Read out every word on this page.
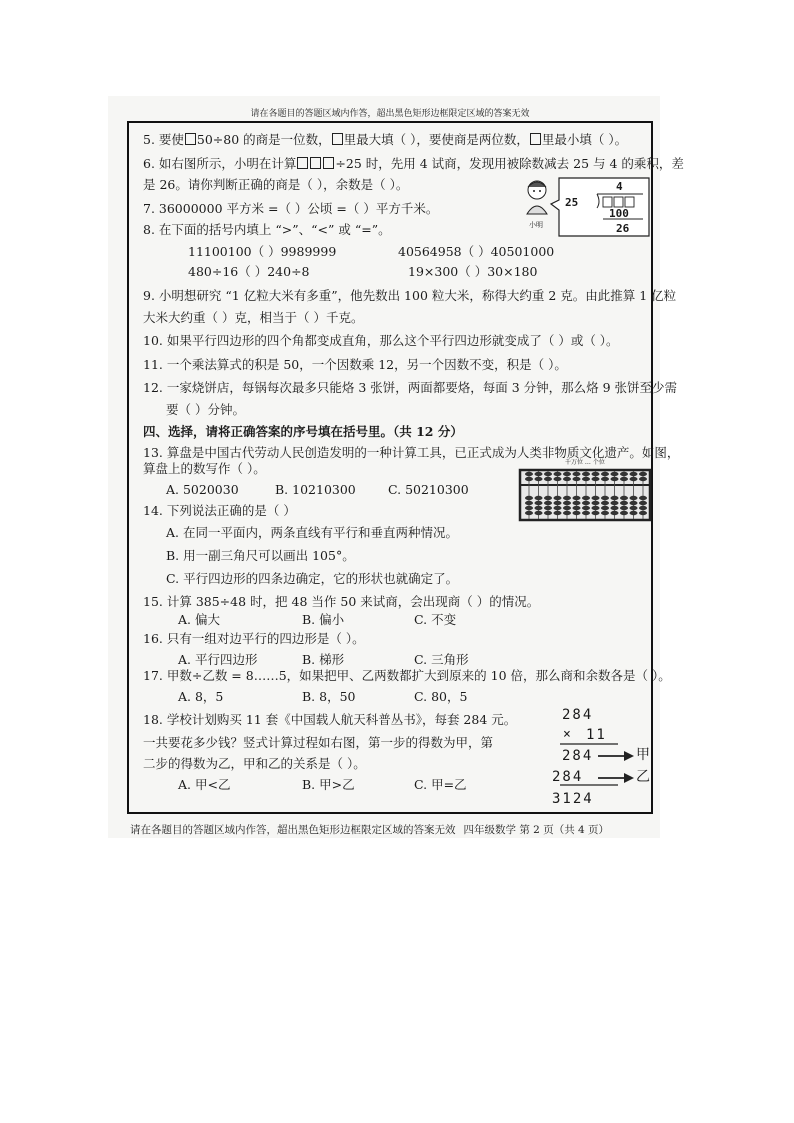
请在各题目的答题区域内作答，超出黑色矩形边框限定区域的答案无效
5. 要使 50÷80 的商是一位数， 里最大填（ ），要使商是两位数， 里最小填（ ）。
6. 如右图所示，小明在计算	÷25 时，先用 4 试商，发现用被除数减去 25 与 4 的乘积，差
是 26。请你判断正确的商是（ ），余数是（ ）。	4
25
100
26
小明
7. 36000000 平方米 =（ ）公顷 =（ ）平方千米。
8. 在下面的括号内填上 “>”、“<” 或 “=”。
11100100（ ）9989999	40564958（ ）40501000
480÷16（ ）240÷8	19×300（ ）30×180
9. 小明想研究 “1 亿粒大米有多重”，他先数出 100 粒大米，称得大约重 2 克。由此推算 1 亿粒
大米大约重（ ）克，相当于（ ）千克。
10. 如果平行四边形的四个角都变成直角，那么这个平行四边形就变成了（ ）或（ ）。
11. 一个乘法算式的积是 50，一个因数乘 12，另一个因数不变，积是（ ）。
12. 一家烧饼店，每锅每次最多只能烙 3 张饼，两面都要烙，每面 3 分钟，那么烙 9 张饼至少需
要（ ）分钟。
四、选择，请将正确答案的序号填在括号里。（共 12 分）
13. 算盘是中国古代劳动人民创造发明的一种计算工具，已正式成为人类非物质文化遗产。如图，
算盘上的数写作（ ）。
A. 5020030	B. 10210300	C. 50210300
千万位 … 个位
14. 下列说法正确的是（ ）
A. 在同一平面内，两条直线有平行和垂直两种情况。
B. 用一副三角尺可以画出 105°。
C. 平行四边形的四条边确定，它的形状也就确定了。
15. 计算 385÷48 时，把 48 当作 50 来试商，会出现商（ ）的情况。
A. 偏大	B. 偏小	C. 不变
16. 只有一组对边平行的四边形是（ ）。
A. 平行四边形	B. 梯形	C. 三角形
17. 甲数÷乙数 = 8……5，如果把甲、乙两数都扩大到原来的 10 倍，那么商和余数各是（ ）。
A. 8，5	B. 8，50	C. 80，5
18. 学校计划购买 11 套《中国载人航天科普丛书》，每套 284 元。
一共要花多少钱？竖式计算过程如右图，第一步的得数为甲，第
二步的得数为乙，甲和乙的关系是（ ）。
A. 甲<乙	B. 甲>乙	C. 甲=乙
284
× 11
284	甲
284	乙
3124
请在各题目的答题区域内作答，超出黑色矩形边框限定区域的答案无效 四年级数学 第 2 页（共 4 页）
